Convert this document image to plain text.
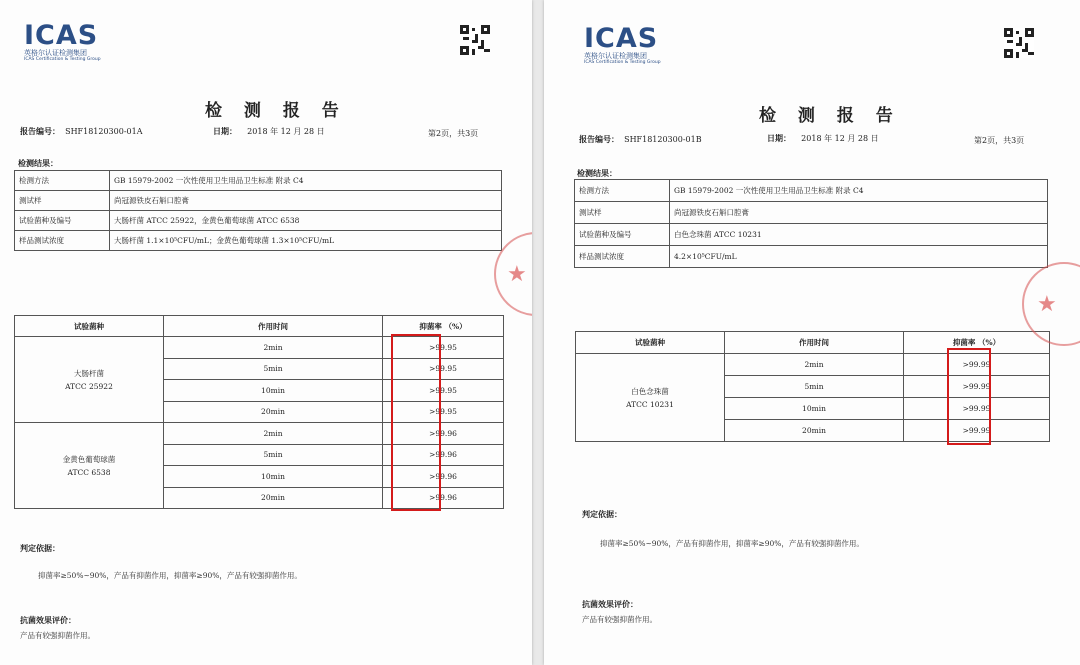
ICAS
英格尔认证检测集团
ICAS Certification & Testing Group
检 测 报 告
报告编号： SHF18120300-01A	日期： 2018 年 12 月 28 日	第2页，共3页
检测结果：
检测方法	GB 15979-2002 一次性使用卫生用品卫生标准 附录 C4
测试样	尚冠源铁皮石斛口腔膏
试验菌种及编号	大肠杆菌 ATCC 25922，金黄色葡萄球菌 ATCC 6538
样品测试浓度	大肠杆菌 1.1×10⁵CFU/mL；金黄色葡萄球菌 1.3×10⁵CFU/mL
试验菌种	作用时间	抑菌率 （%）
大肠杆菌
ATCC 25922	2min	>99.95
	5min	>99.95
	10min	>99.95
	20min	>99.95
金黄色葡萄球菌
ATCC 6538	2min	>99.96
	5min	>99.96
	10min	>99.96
	20min	>99.96
★
判定依据：
抑菌率≥50%~90%，产品有抑菌作用，抑菌率≥90%，产品有较强抑菌作用。
抗菌效果评价：
产品有较强抑菌作用。
ICAS
英格尔认证检测集团
ICAS Certification & Testing Group
检 测 报 告
报告编号： SHF18120300-01B	日期： 2018 年 12 月 28 日	第2页，共3页
检测结果：
检测方法	GB 15979-2002 一次性使用卫生用品卫生标准 附录 C4
测试样	尚冠源铁皮石斛口腔膏
试验菌种及编号	白色念珠菌 ATCC 10231
样品测试浓度	4.2×10⁵CFU/mL
试验菌种	作用时间	抑菌率 （%）
白色念珠菌
ATCC 10231	2min	>99.99
	5min	>99.99
	10min	>99.99
	20min	>99.99
★
判定依据：
抑菌率≥50%~90%，产品有抑菌作用，抑菌率≥90%，产品有较强抑菌作用。
抗菌效果评价：
产品有较强抑菌作用。
